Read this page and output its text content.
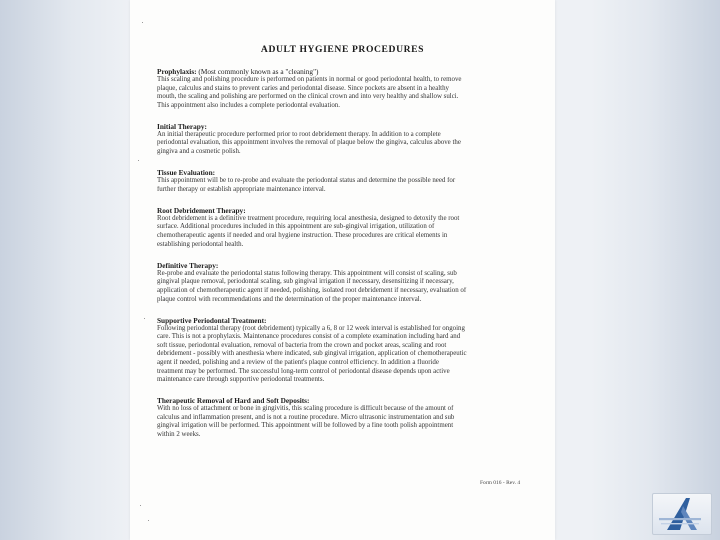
ADULT HYGIENE PROCEDURES
Prophylaxis: (Most commonly known as a "cleaning")
This scaling and polishing procedure is performed on patients in normal or good periodontal health, to remove
plaque, calculus and stains to prevent caries and periodontal disease. Since pockets are absent in a healthy
mouth, the scaling and polishing are performed on the clinical crown and into very healthy and shallow sulci.
This appointment also includes a complete periodontal evaluation.
Initial Therapy:
An initial therapeutic procedure performed prior to root debridement therapy. In addition to a complete
periodontal evaluation, this appointment involves the removal of plaque below the gingiva, calculus above the
gingiva and a cosmetic polish.
Tissue Evaluation:
This appointment will be to re-probe and evaluate the periodontal status and determine the possible need for
further therapy or establish appropriate maintenance interval.
Root Debridement Therapy:
Root debridement is a definitive treatment procedure, requiring local anesthesia, designed to detoxify the root
surface. Additional procedures included in this appointment are sub-gingival irrigation, utilization of
chemotherapeutic agents if needed and oral hygiene instruction. These procedures are critical elements in
establishing periodontal health.
Definitive Therapy:
Re-probe and evaluate the periodontal status following therapy. This appointment will consist of scaling, sub
gingival plaque removal, periodontal scaling, sub gingival irrigation if necessary, desensitizing if necessary,
application of chemotherapeutic agent if needed, polishing, isolated root debridement if necessary, evaluation of
plaque control with recommendations and the determination of the proper maintenance interval.
Supportive Periodontal Treatment:
Following periodontal therapy (root debridement) typically a 6, 8 or 12 week interval is established for ongoing
care. This is not a prophylaxis. Maintenance procedures consist of a complete examination including hard and
soft tissue, periodontal evaluation, removal of bacteria from the crown and pocket areas, scaling and root
debridement - possibly with anesthesia where indicated, sub gingival irrigation, application of chemotherapeutic
agent if needed, polishing and a review of the patient's plaque control efficiency. In addition a fluoride
treatment may be performed. The successful long-term control of periodontal disease depends upon active
maintenance care through supportive periodontal treatments.
Therapeutic Removal of Hard and Soft Deposits:
With no loss of attachment or bone in gingivitis, this scaling procedure is difficult because of the amount of
calculus and inflammation present, and is not a routine procedure. Micro ultrasonic instrumentation and sub
gingival irrigation will be performed. This appointment will be followed by a fine tooth polish appointment
within 2 weeks.
Form 016 - Rev. 4
